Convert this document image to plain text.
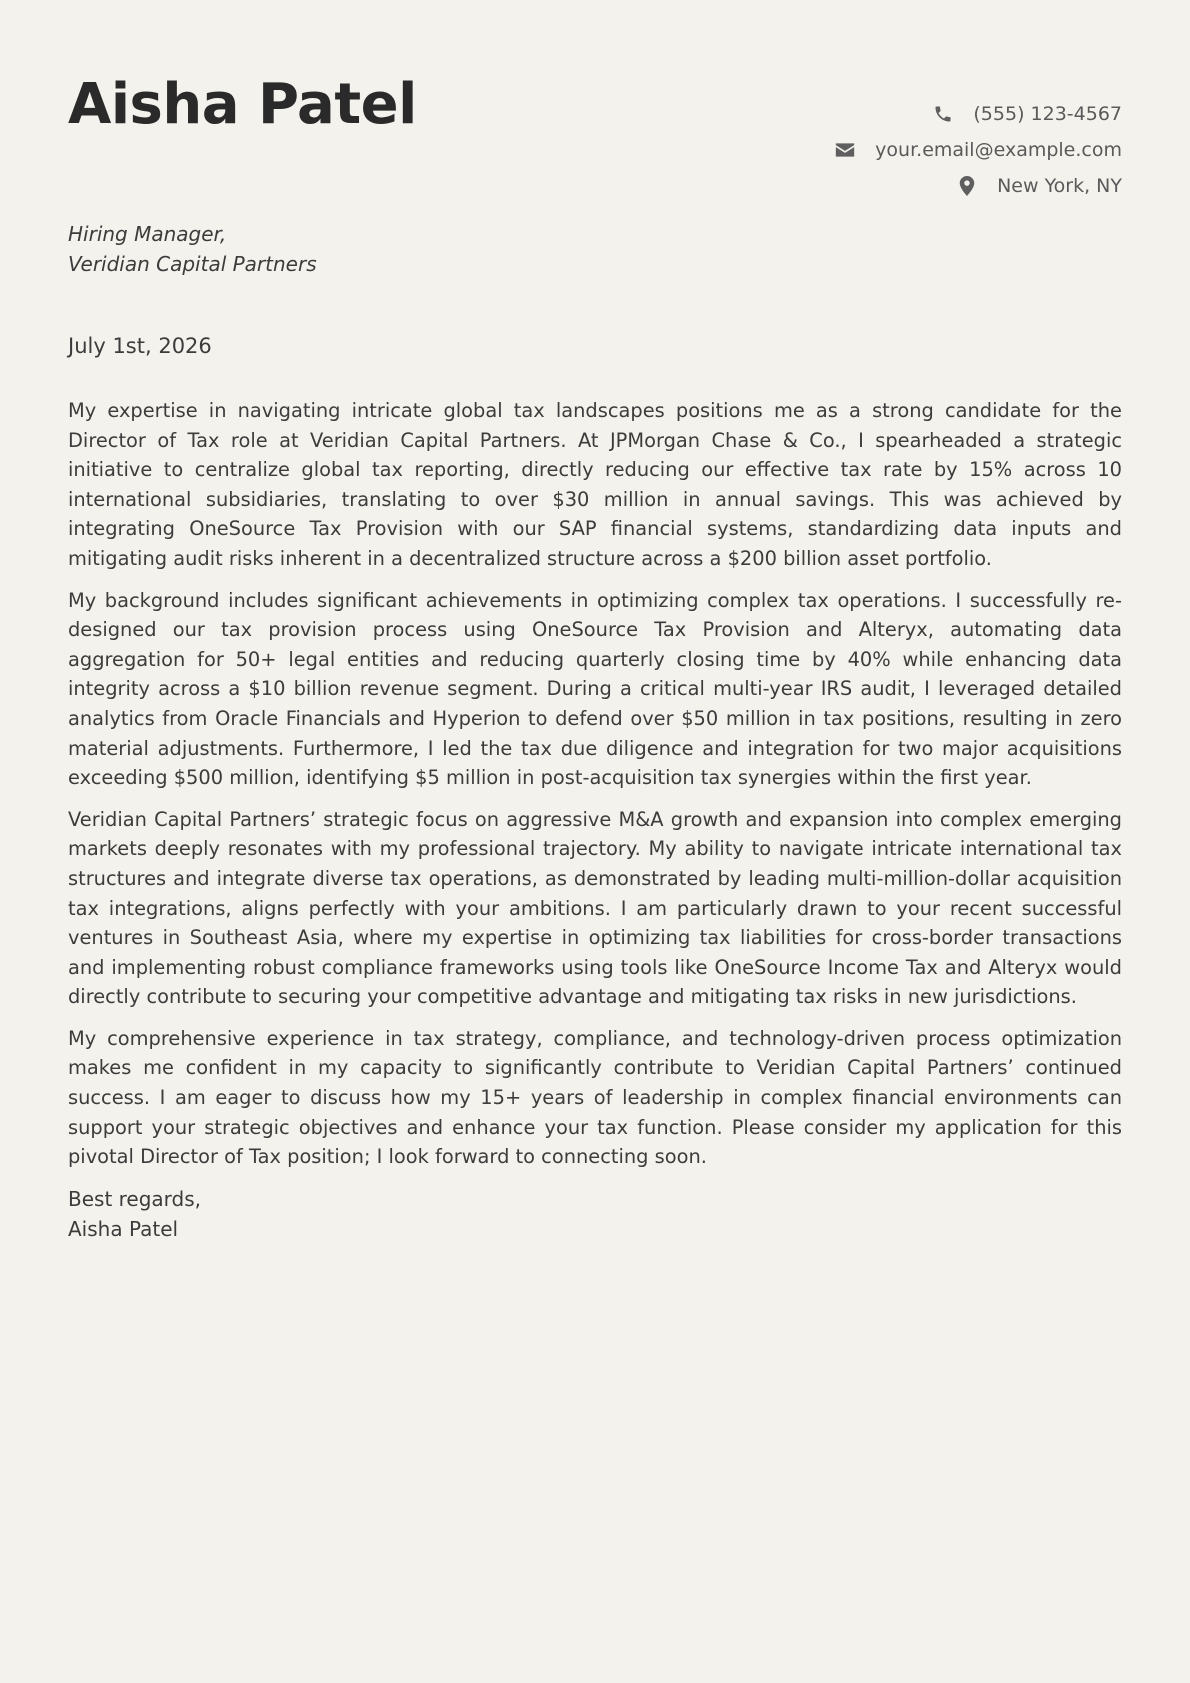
Aisha Patel	(555) 123-4567
your.email@example.com
New York, NY
Hiring Manager,
Veridian Capital Partners
July 1st, 2026

My expertise in navigating intricate global tax landscapes positions me as a strong candidate for the Director of Tax role at Veridian Capital Partners. At JPMorgan Chase & Co., I spearheaded a strategic initiative to centralize global tax reporting, directly reducing our effective tax rate by 15% across 10 international subsidiaries, translating to over $30 million in annual savings. This was achieved by integrating OneSource Tax Provision with our SAP financial systems, standardizing data inputs and mitigating audit risks inherent in a decentralized structure across a $200 billion asset portfolio.

My background includes significant achievements in optimizing complex tax operations. I successfully re-designed our tax provision process using OneSource Tax Provision and Alteryx, automating data aggregation for 50+ legal entities and reducing quarterly closing time by 40% while enhancing data integrity across a $10 billion revenue segment. During a critical multi-year IRS audit, I leveraged detailed analytics from Oracle Financials and Hyperion to defend over $50 million in tax positions, resulting in zero material adjustments. Furthermore, I led the tax due diligence and integration for two major acquisitions exceeding $500 million, identifying $5 million in post-acquisition tax synergies within the first year.

Veridian Capital Partners’ strategic focus on aggressive M&A growth and expansion into complex emerging markets deeply resonates with my professional trajectory. My ability to navigate intricate international tax structures and integrate diverse tax operations, as demonstrated by leading multi-million-dollar acquisition tax integrations, aligns perfectly with your ambitions. I am particularly drawn to your recent successful ventures in Southeast Asia, where my expertise in optimizing tax liabilities for cross-border transactions and implementing robust compliance frameworks using tools like OneSource Income Tax and Alteryx would directly contribute to securing your competitive advantage and mitigating tax risks in new jurisdictions.

My comprehensive experience in tax strategy, compliance, and technology-driven process optimization makes me confident in my capacity to significantly contribute to Veridian Capital Partners’ continued success. I am eager to discuss how my 15+ years of leadership in complex financial environments can support your strategic objectives and enhance your tax function. Please consider my application for this pivotal Director of Tax position; I look forward to connecting soon.

Best regards,
Aisha Patel
